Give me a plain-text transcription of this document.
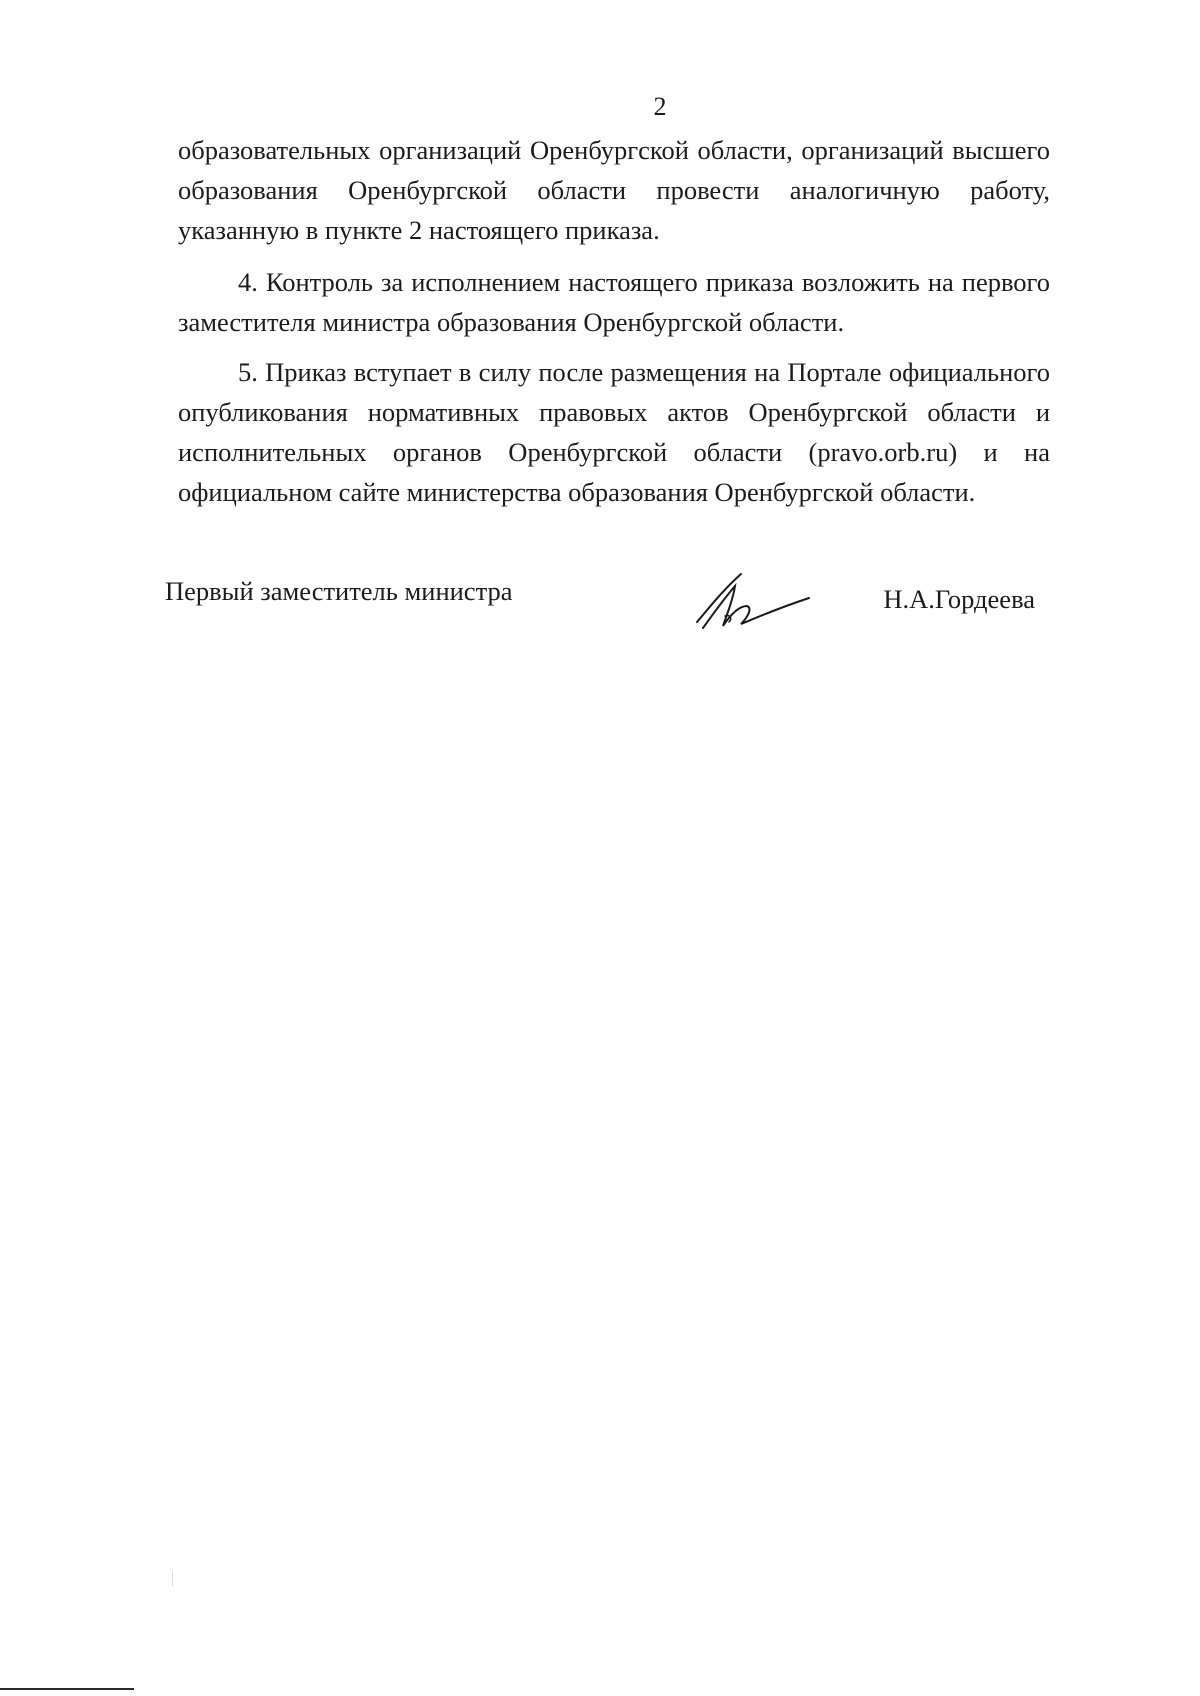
2

образовательных организаций Оренбургской области, организаций высшего образования Оренбургской области провести аналогичную работу, указанную в пункте 2 настоящего приказа.

4. Контроль за исполнением настоящего приказа возложить на первого заместителя министра образования Оренбургской области.

5. Приказ вступает в силу после размещения на Портале официального опубликования нормативных правовых актов Оренбургской области и исполнительных органов Оренбургской области (pravo.orb.ru) и на официальном сайте министерства образования Оренбургской области.

Первый заместитель министра	Н.А.Гордеева
